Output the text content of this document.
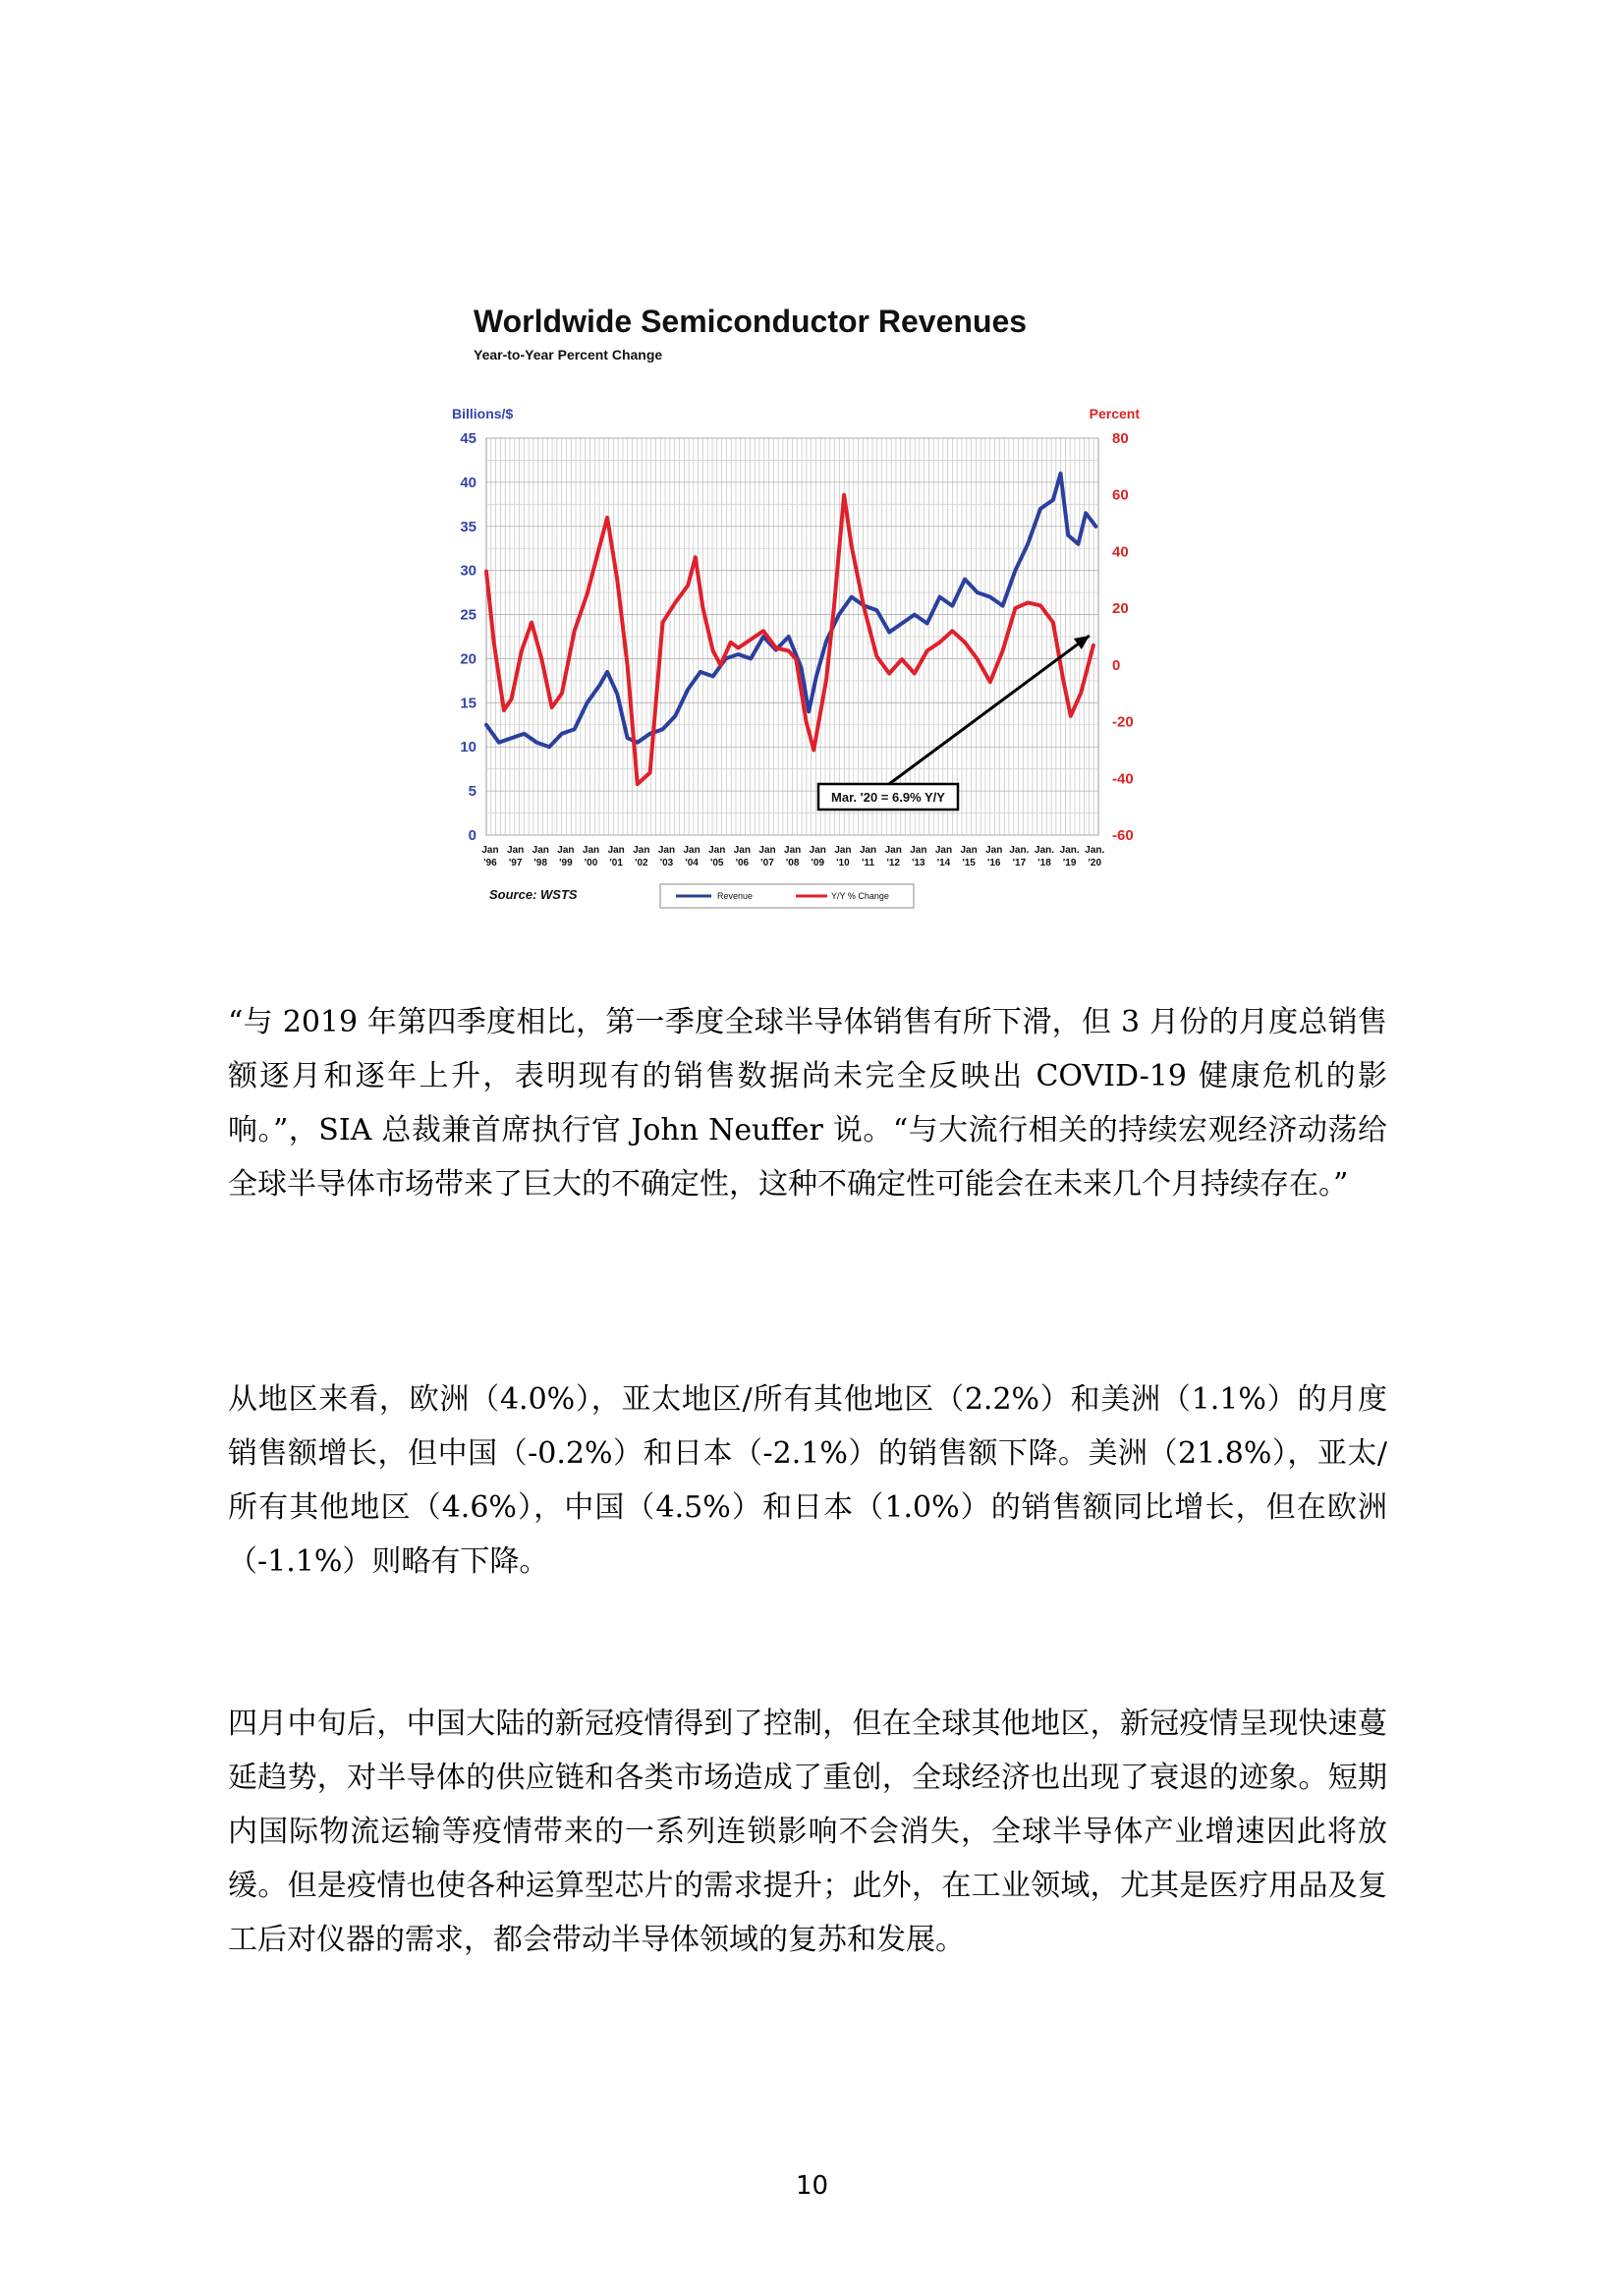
Worldwide Semiconductor Revenues
Year-to-Year Percent Change
Billions/$	Percent
45
40
35
30
25
20
15
10
5
0
80
60
40
20
0
-20
-40
-60
Jan
'96
Jan
'97
Jan
'98
Jan
'99
Jan
'00
Jan
'01
Jan
'02
Jan
'03
Jan
'04
Jan
'05
Jan
'06
Jan
'07
Jan
'08
Jan
'09
Jan
'10
Jan
'11
Jan
'12
Jan
'13
Jan
'14
Jan
'15
Jan
'16
Jan.
'17
Jan.
'18
Jan.
'19
Jan.
'20
Mar. '20 = 6.9% Y/Y
Source: WSTS	Revenue	Y/Y % Change

“与 2019 年第四季度相比，第一季度全球半导体销售有所下滑，但 3 月份的月度总销售额逐月和逐年上升，表明现有的销售数据尚未完全反映出 COVID-19 健康危机的影响。”，SIA 总裁兼首席执行官 John Neuffer 说。“与大流行相关的持续宏观经济动荡给全球半导体市场带来了巨大的不确定性，这种不确定性可能会在未来几个月持续存在。”

从地区来看，欧洲（4.0%），亚太地区/所有其他地区（2.2%）和美洲（1.1%）的月度销售额增长，但中国（-0.2%）和日本（-2.1%）的销售额下降。美洲（21.8%），亚太/所有其他地区（4.6%），中国（4.5%）和日本（1.0%）的销售额同比增长，但在欧洲（-1.1%）则略有下降。

四月中旬后，中国大陆的新冠疫情得到了控制，但在全球其他地区，新冠疫情呈现快速蔓延趋势，对半导体的供应链和各类市场造成了重创，全球经济也出现了衰退的迹象。短期内国际物流运输等疫情带来的一系列连锁影响不会消失，全球半导体产业增速因此将放缓。但是疫情也使各种运算型芯片的需求提升；此外，在工业领域，尤其是医疗用品及复工后对仪器的需求，都会带动半导体领域的复苏和发展。

10
